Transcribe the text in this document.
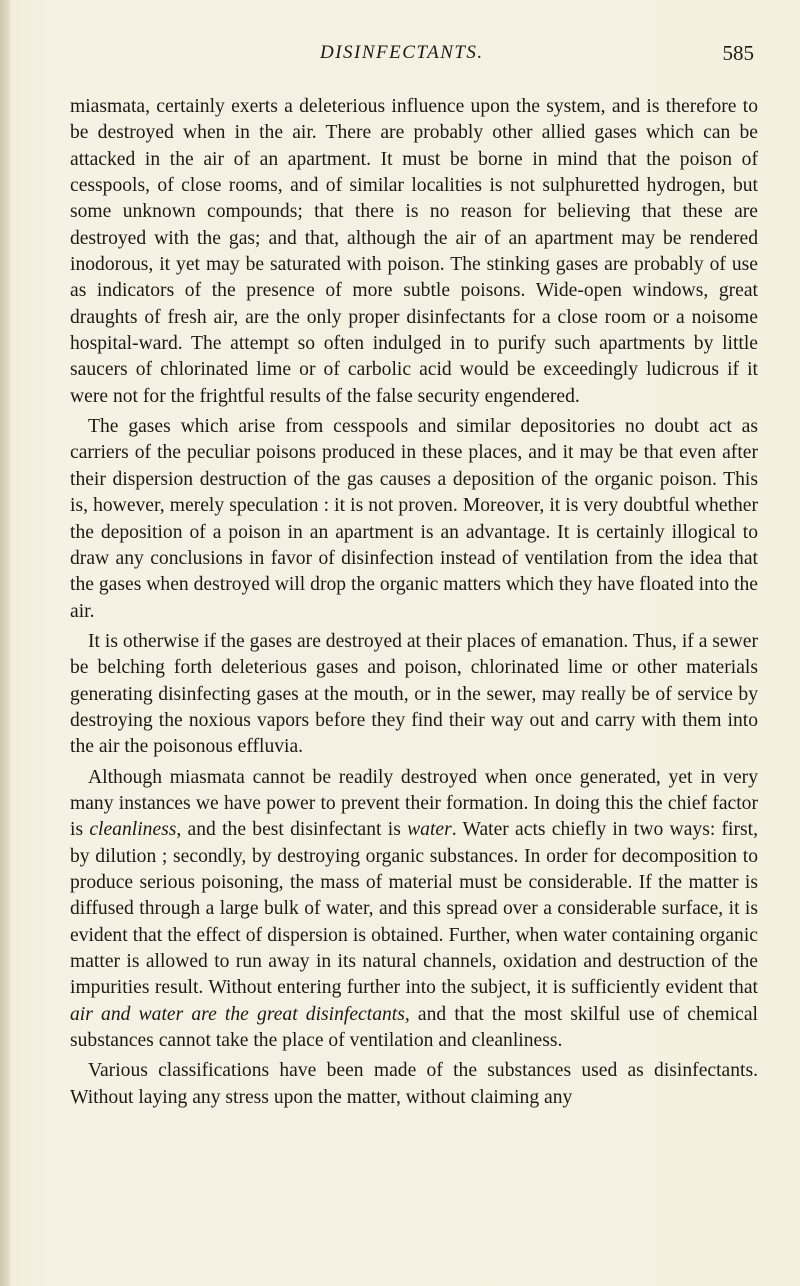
DISINFECTANTS.	585

miasmata, certainly exerts a deleterious influence upon the system, and is therefore to be destroyed when in the air. There are probably other allied gases which can be attacked in the air of an apartment. It must be borne in mind that the poison of cesspools, of close rooms, and of similar localities is not sulphuretted hydrogen, but some unknown compounds; that there is no reason for believing that these are destroyed with the gas; and that, although the air of an apartment may be rendered inodorous, it yet may be saturated with poison. The stinking gases are probably of use as indicators of the presence of more subtle poisons. Wide-open windows, great draughts of fresh air, are the only proper disinfectants for a close room or a noisome hospital-ward. The attempt so often indulged in to purify such apartments by little saucers of chlorinated lime or of carbolic acid would be exceedingly ludicrous if it were not for the frightful results of the false security engendered.

The gases which arise from cesspools and similar depositories no doubt act as carriers of the peculiar poisons produced in these places, and it may be that even after their dispersion destruction of the gas causes a deposition of the organic poison. This is, however, merely speculation : it is not proven. Moreover, it is very doubtful whether the deposition of a poison in an apartment is an advantage. It is certainly illogical to draw any conclusions in favor of disinfection instead of ventilation from the idea that the gases when destroyed will drop the organic matters which they have floated into the air.

It is otherwise if the gases are destroyed at their places of emanation. Thus, if a sewer be belching forth deleterious gases and poison, chlorinated lime or other materials generating disinfecting gases at the mouth, or in the sewer, may really be of service by destroying the noxious vapors before they find their way out and carry with them into the air the poisonous effluvia.

Although miasmata cannot be readily destroyed when once generated, yet in very many instances we have power to prevent their formation. In doing this the chief factor is cleanliness, and the best disinfectant is water. Water acts chiefly in two ways: first, by dilution ; secondly, by destroying organic substances. In order for decomposition to produce serious poisoning, the mass of material must be considerable. If the matter is diffused through a large bulk of water, and this spread over a considerable surface, it is evident that the effect of dispersion is obtained. Further, when water containing organic matter is allowed to run away in its natural channels, oxidation and destruction of the impurities result. Without entering further into the subject, it is sufficiently evident that air and water are the great disinfectants, and that the most skilful use of chemical substances cannot take the place of ventilation and cleanliness.

Various classifications have been made of the substances used as disinfectants. Without laying any stress upon the matter, without claiming any
